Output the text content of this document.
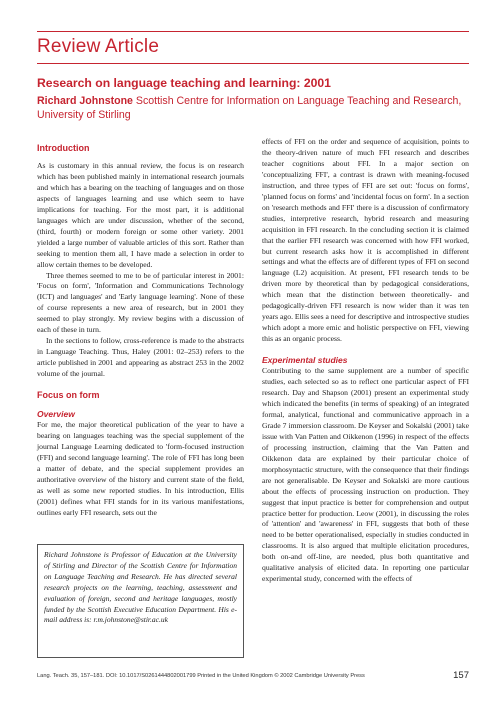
Review Article
Research on language teaching and learning: 2001
Richard Johnstone Scottish Centre for Information on Language Teaching and Research, University of Stirling
Introduction

As is customary in this annual review, the focus is on research which has been published mainly in international research journals and which has a bearing on the teaching of languages and on those aspects of languages learning and use which seem to have implications for teaching. For the most part, it is additional languages which are under discussion, whether of the second, (third, fourth) or modern foreign or some other variety. 2001 yielded a large number of valuable articles of this sort. Rather than seeking to mention them all, I have made a selection in order to allow certain themes to be developed.

Three themes seemed to me to be of particular interest in 2001: 'Focus on form', 'Information and Communications Technology (ICT) and languages' and 'Early language learning'. None of these of course represents a new area of research, but in 2001 they seemed to play strongly. My review begins with a discussion of each of these in turn.

In the sections to follow, cross-reference is made to the abstracts in Language Teaching. Thus, Haley (2001: 02–253) refers to the article published in 2001 and appearing as abstract 253 in the 2002 volume of the journal.

Focus on form
Overview

For me, the major theoretical publication of the year to have a bearing on languages teaching was the special supplement of the journal Language Learning dedicated to 'form-focused instruction (FFI) and second language learning'. The role of FFI has long been a matter of debate, and the special supplement provides an authoritative overview of the history and current state of the field, as well as some new reported studies. In his introduction, Ellis (2001) defines what FFI stands for in its various manifestations, outlines early FFI research, sets out the

Richard Johnstone is Professor of Education at the University of Stirling and Director of the Scottish Centre for Information on Language Teaching and Research. He has directed several research projects on the learning, teaching, assessment and evaluation of foreign, second and heritage languages, mostly funded by the Scottish Executive Education Department. His e-mail address is: r.m.johnstone@stir.ac.uk

effects of FFI on the order and sequence of acquisition, points to the theory-driven nature of much FFI research and describes teacher cognitions about FFI. In a major section on 'conceptualizing FFI', a contrast is drawn with meaning-focused instruction, and three types of FFI are set out: 'focus on forms', 'planned focus on forms' and 'incidental focus on form'. In a section on 'research methods and FFI' there is a discussion of confirmatory studies, interpretive research, hybrid research and measuring acquisition in FFI research. In the concluding section it is claimed that the earlier FFI research was concerned with how FFI worked, but current research asks how it is accomplished in different settings and what the effects are of different types of FFI on second language (L2) acquisition. At present, FFI research tends to be driven more by theoretical than by pedagogical considerations, which mean that the distinction between theoretically- and pedagogically-driven FFI research is now wider than it was ten years ago. Ellis sees a need for descriptive and introspective studies which adopt a more emic and holistic perspective on FFI, viewing this as an organic process.

Experimental studies

Contributing to the same supplement are a number of specific studies, each selected so as to reflect one particular aspect of FFI research. Day and Shapson (2001) present an experimental study which indicated the benefits (in terms of speaking) of an integrated formal, analytical, functional and communicative approach in a Grade 7 immersion classroom. De Keyser and Sokalski (2001) take issue with Van Patten and Oikkenon (1996) in respect of the effects of processing instruction, claiming that the Van Patten and Oikkenon data are explained by their particular choice of morphosyntactic structure, with the consequence that their findings are not generalisable. De Keyser and Sokalski are more cautious about the effects of processing instruction on production. They suggest that input practice is better for comprehension and output practice better for production. Leow (2001), in discussing the roles of 'attention' and 'awareness' in FFI, suggests that both of these need to be better operationalised, especially in studies conducted in classrooms. It is also argued that multiple elicitation procedures, both on-and off-line, are needed, plus both quantitative and qualitative analysis of elicited data. In reporting one particular experimental study, concerned with the effects of

Lang. Teach. 35, 157–181. DOI: 10.1017/S0261444802001799 Printed in the United Kingdom © 2002 Cambridge University Press	157
